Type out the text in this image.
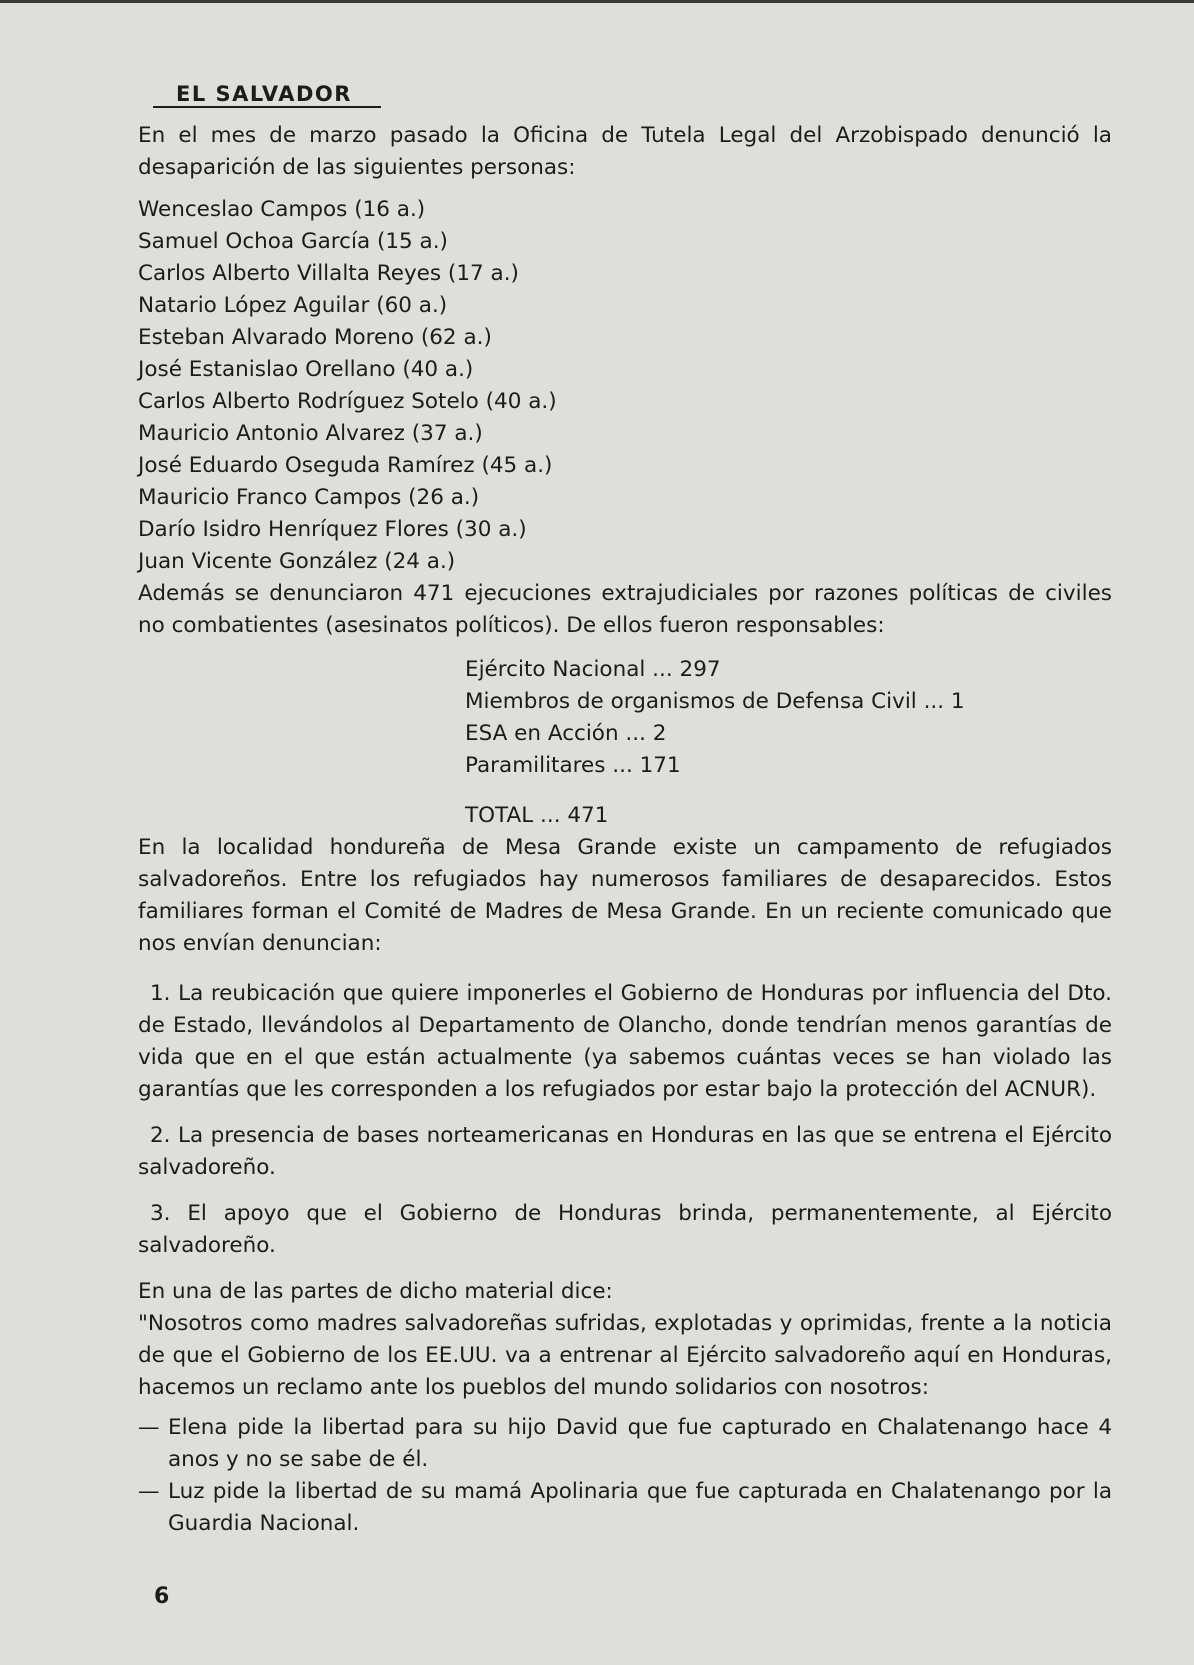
EL SALVADOR

En el mes de marzo pasado la Oficina de Tutela Legal del Arzobispado denunció la desaparición de las siguientes personas:

Wenceslao Campos (16 a.)
Samuel Ochoa García (15 a.)
Carlos Alberto Villalta Reyes (17 a.)
Natario López Aguilar (60 a.)
Esteban Alvarado Moreno (62 a.)
José Estanislao Orellano (40 a.)
Carlos Alberto Rodríguez Sotelo (40 a.)
Mauricio Antonio Alvarez (37 a.)
José Eduardo Oseguda Ramírez (45 a.)
Mauricio Franco Campos (26 a.)
Darío Isidro Henríquez Flores (30 a.)
Juan Vicente González (24 a.)

Además se denunciaron 471 ejecuciones extrajudiciales por razones políticas de civiles no combatientes (asesinatos políticos). De ellos fueron responsables:

Ejército Nacional ... 297
Miembros de organismos de Defensa Civil ... 1
ESA en Acción ... 2
Paramilitares ... 171
TOTAL ... 471

En la localidad hondureña de Mesa Grande existe un campamento de refugiados salvadoreños. Entre los refugiados hay numerosos familiares de desaparecidos. Estos familiares forman el Comité de Madres de Mesa Grande. En un reciente comunicado que nos envían denuncian:

1. La reubicación que quiere imponerles el Gobierno de Honduras por influencia del Dto. de Estado, llevándolos al Departamento de Olancho, donde tendrían menos garantías de vida que en el que están actualmente (ya sabemos cuántas veces se han violado las garantías que les corresponden a los refugiados por estar bajo la protección del ACNUR).
2. La presencia de bases norteamericanas en Honduras en las que se entrena el Ejército salvadoreño.
3. El apoyo que el Gobierno de Honduras brinda, permanentemente, al Ejército salvadoreño.

En una de las partes de dicho material dice:

"Nosotros como madres salvadoreñas sufridas, explotadas y oprimidas, frente a la noticia de que el Gobierno de los EE.UU. va a entrenar al Ejército salvadoreño aquí en Honduras, hacemos un reclamo ante los pueblos del mundo solidarios con nosotros:

— Elena pide la libertad para su hijo David que fue capturado en Chalatenango hace 4 anos y no se sabe de él.
— Luz pide la libertad de su mamá Apolinaria que fue capturada en Chalatenango por la Guardia Nacional.
6
